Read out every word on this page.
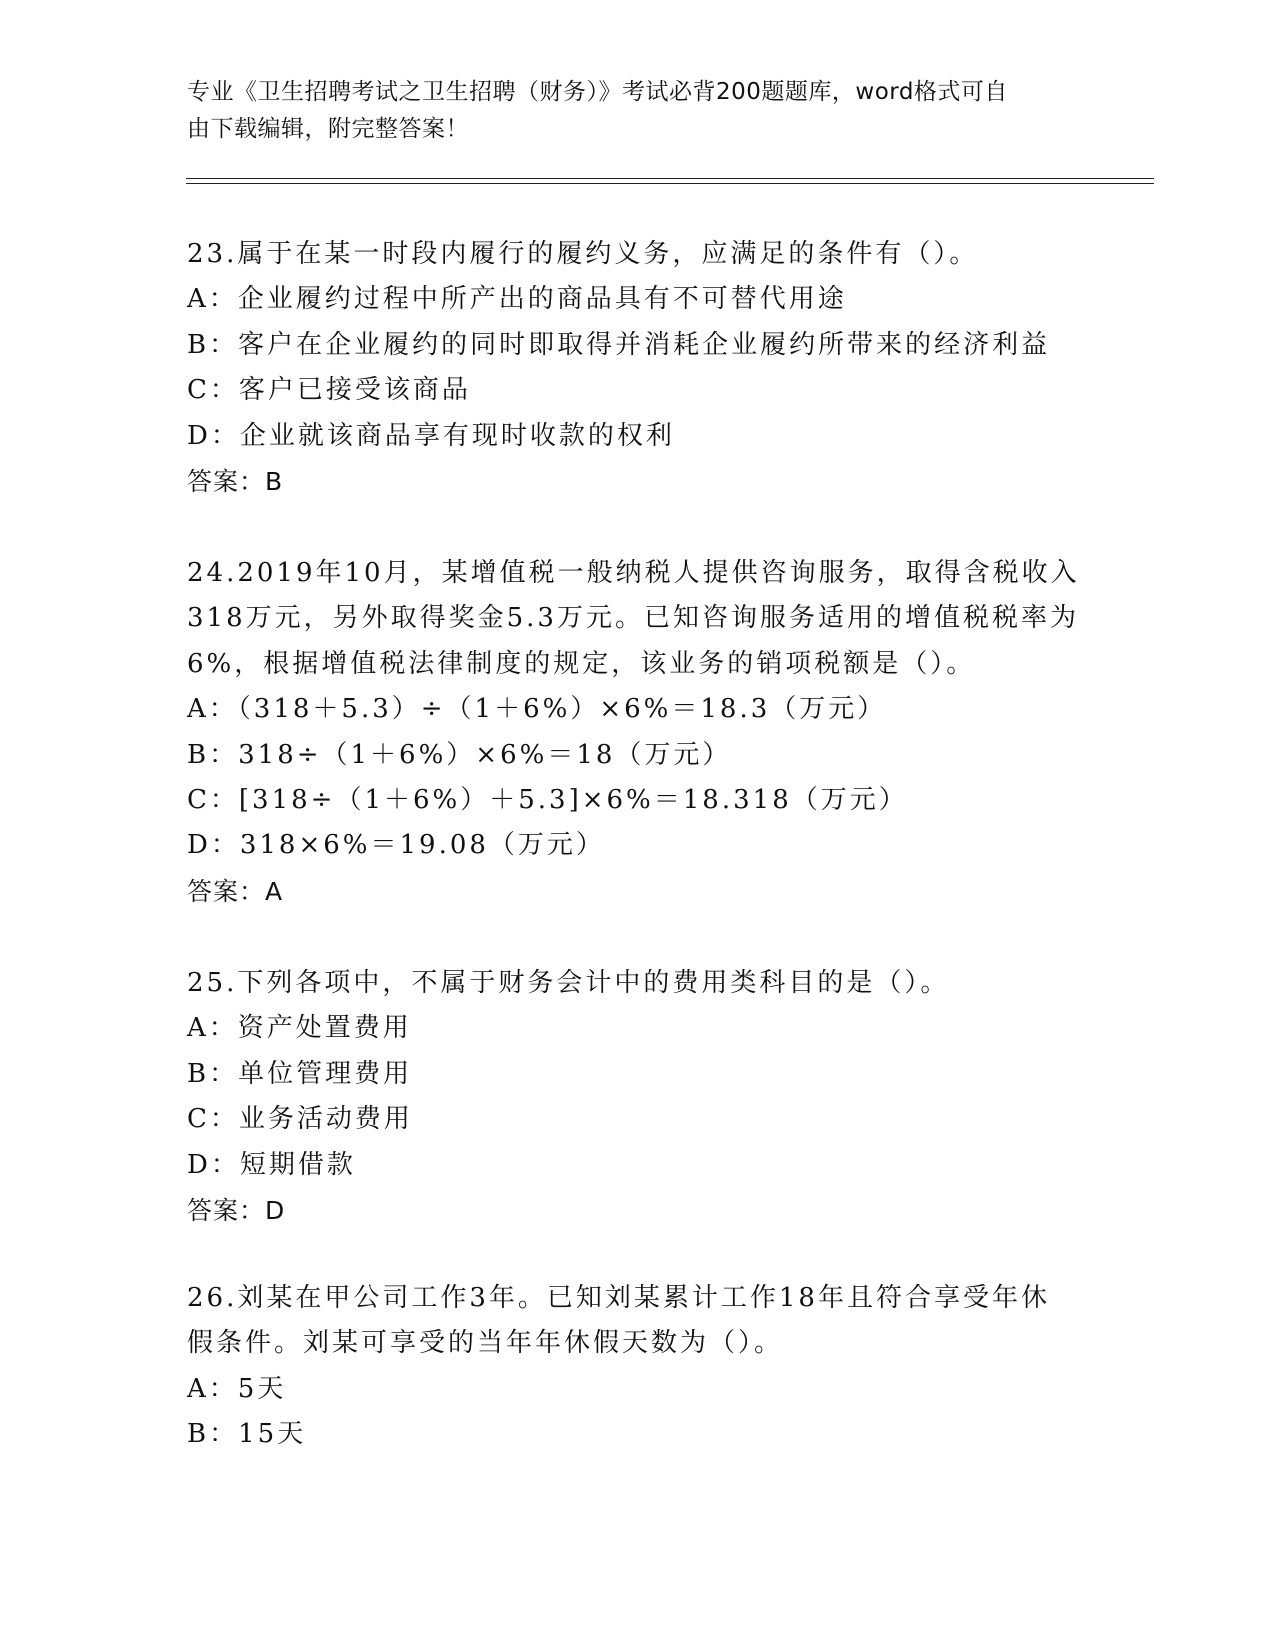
专业《卫生招聘考试之卫生招聘（财务）》考试必背200题题库，word格式可自
由下载编辑，附完整答案！
23.属于在某一时段内履行的履约义务，应满足的条件有（）。
A：企业履约过程中所产出的商品具有不可替代用途
B：客户在企业履约的同时即取得并消耗企业履约所带来的经济利益
C：客户已接受该商品
D：企业就该商品享有现时收款的权利
答案：B
24.2019年10月，某增值税一般纳税人提供咨询服务，取得含税收入
318万元，另外取得奖金5.3万元。已知咨询服务适用的增值税税率为
6%，根据增值税法律制度的规定，该业务的销项税额是（）。
A：（318＋5.3）÷（1＋6%）×6%＝18.3（万元）
B：318÷（1＋6%）×6%＝18（万元）
C：[318÷（1＋6%）＋5.3]×6%＝18.318（万元）
D：318×6%＝19.08（万元）
答案：A
25.下列各项中，不属于财务会计中的费用类科目的是（）。
A：资产处置费用
B：单位管理费用
C：业务活动费用
D：短期借款
答案：D
26.刘某在甲公司工作3年。已知刘某累计工作18年且符合享受年休
假条件。刘某可享受的当年年休假天数为（）。
A：5天
B：15天
